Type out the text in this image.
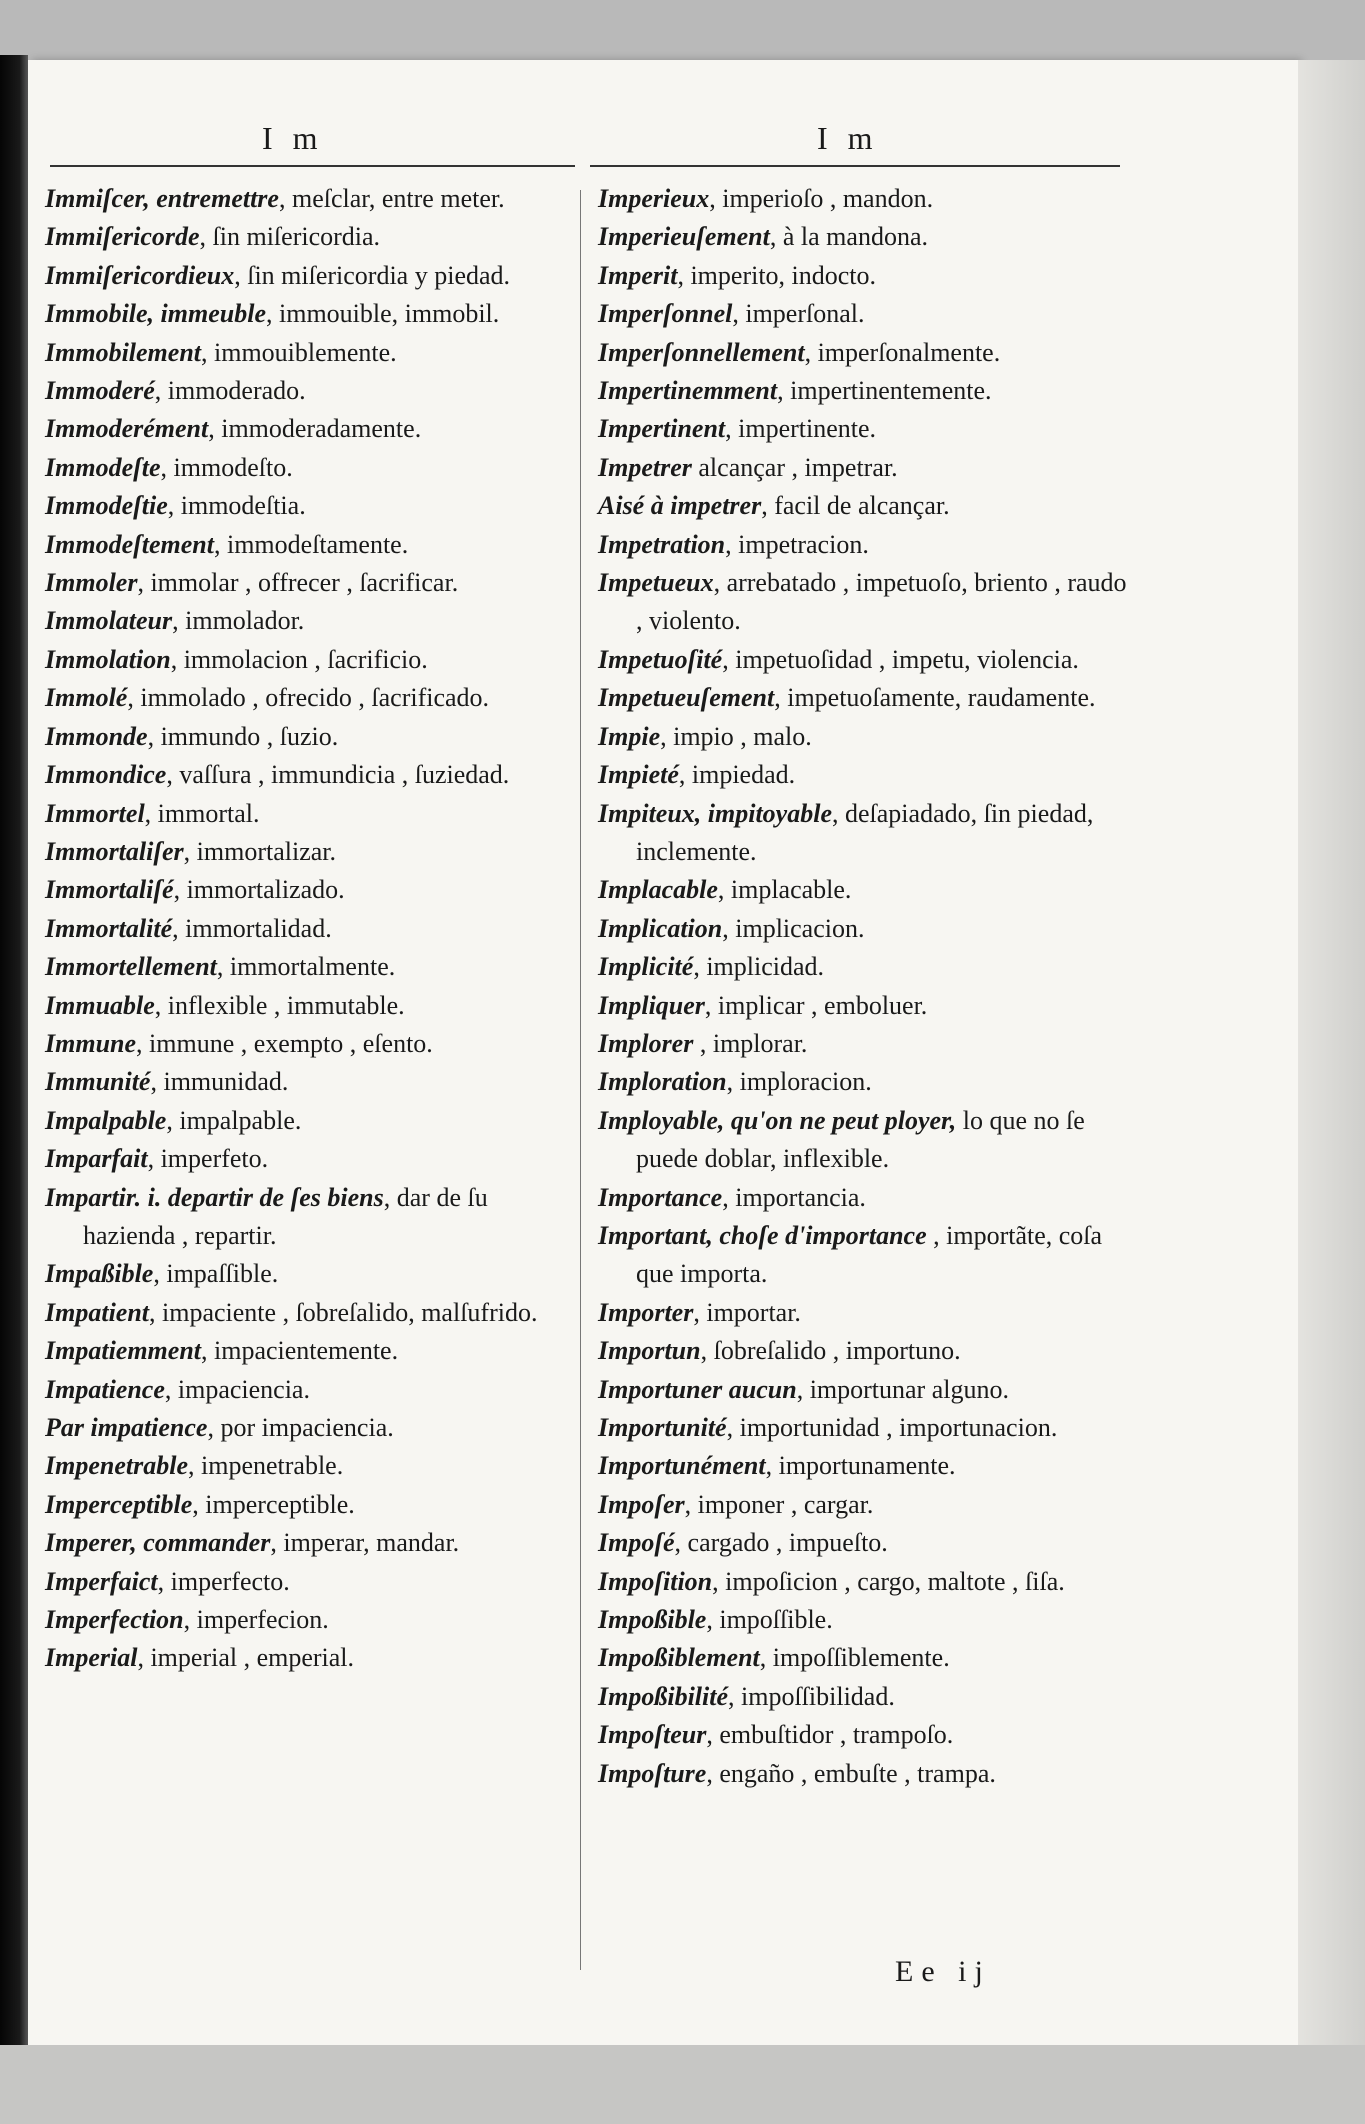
I m	I m

Immiſcer, entremettre, meſclar, entre meter.

Immiſericorde, ſin miſericordia.

Immiſericordieux, ſin miſericordia y piedad.

Immobile, immeuble, immouible, immobil.

Immobilement, immouiblemente.

Immoderé, immoderado.

Immoderément, immoderadamente.

Immodeſte, immodeſto.

Immodeſtie, immodeſtia.

Immodeſtement, immodeſtamente.

Immoler, immolar , offrecer , ſacrificar.

Immolateur, immolador.

Immolation, immolacion , ſacrificio.

Immolé, immolado , ofrecido , ſacrificado.

Immonde, immundo , ſuzio.

Immondice, vaſſura , immundicia , ſuziedad.

Immortel, immortal.

Immortaliſer, immortalizar.

Immortaliſé, immortalizado.

Immortalité, immortalidad.

Immortellement, immortalmente.

Immuable, inflexible , immutable.

Immune, immune , exempto , eſento.

Immunité, immunidad.

Impalpable, impalpable.

Imparfait, imperfeto.

Impartir. i. departir de ſes biens, dar de ſu hazienda , repartir.

Impaßible, impaſſible.

Impatient, impaciente , ſobreſalido, malſufrido.

Impatiemment, impacientemente.

Impatience, impaciencia.

Par impatience, por impaciencia.

Impenetrable, impenetrable.

Imperceptible, imperceptible.

Imperer, commander, imperar, mandar.

Imperfaict, imperfecto.

Imperfection, imperfecion.

Imperial, imperial , emperial.

Imperieux, imperioſo , mandon.

Imperieuſement, à la mandona.

Imperit, imperito, indocto.

Imperſonnel, imperſonal.

Imperſonnellement, imperſonalmente.

Impertinemment, impertinentemente.

Impertinent, impertinente.

Impetrer alcançar , impetrar.

Aisé à impetrer, facil de alcançar.

Impetration, impetracion.

Impetueux, arrebatado , impetuoſo, briento , raudo , violento.

Impetuoſité, impetuoſidad , impetu, violencia.

Impetueuſement, impetuoſamente, raudamente.

Impie, impio , malo.

Impieté, impiedad.

Impiteux, impitoyable, deſapiadado, ſin piedad, inclemente.

Implacable, implacable.

Implication, implicacion.

Implicité, implicidad.

Impliquer, implicar , emboluer.

Implorer , implorar.

Imploration, imploracion.

Imployable, qu'on ne peut ployer, lo que no ſe puede doblar, inflexible.

Importance, importancia.

Important, choſe d'importance , importãte, coſa que importa.

Importer, importar.

Importun, ſobreſalido , importuno.

Importuner aucun, importunar alguno.

Importunité, importunidad , importunacion.

Importunément, importunamente.

Impoſer, imponer , cargar.

Impoſé, cargado , impueſto.

Impoſition, impoſicion , cargo, maltote , ſiſa.

Impoßible, impoſſible.

Impoßiblement, impoſſiblemente.

Impoßibilité, impoſſibilidad.

Impoſteur, embuſtidor , trampoſo.

Impoſture, engaño , embuſte , trampa.

Ee ij
